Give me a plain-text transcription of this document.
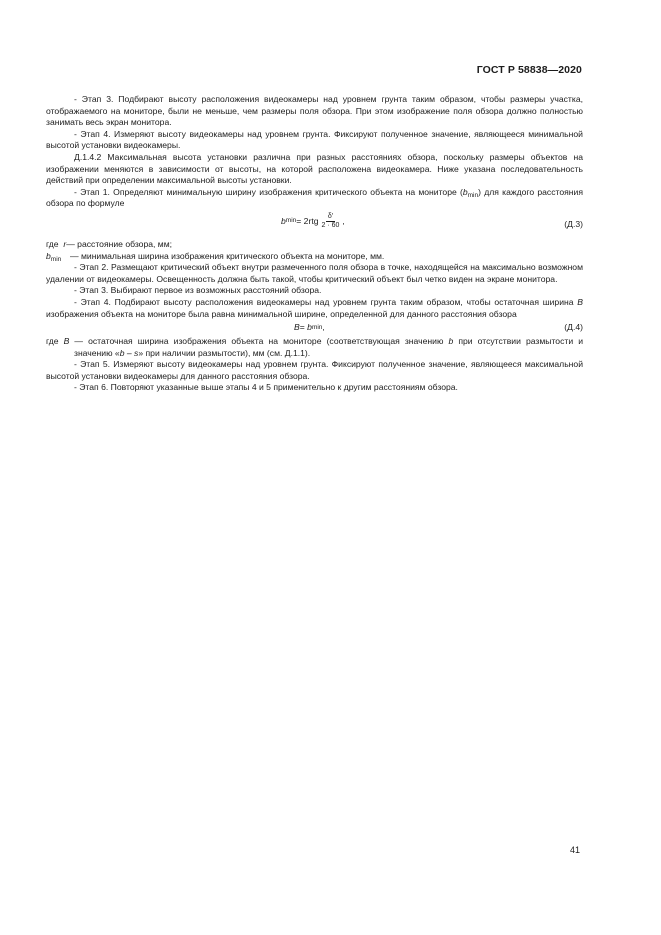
ГОСТ Р 58838—2020

- Этап 3. Подбирают высоту расположения видеокамеры над уровнем грунта таким образом, чтобы размеры участка, отображаемого на мониторе, были не меньше, чем размеры поля обзора. При этом изображение поля обзора должно полностью занимать весь экран монитора.

- Этап 4. Измеряют высоту видеокамеры над уровнем грунта. Фиксируют полученное значение, являющееся минимальной высотой установки видеокамеры.

Д.1.4.2 Максимальная высота установки различна при разных расстояниях обзора, поскольку размеры объектов на изображении меняются в зависимости от высоты, на которой расположена видеокамера. Ниже указана последовательность действий при определении максимальной высоты установки.

- Этап 1. Определяют минимальную ширину изображения критического объекта на мониторе $(b_{min})$ для каждого расстояния обзора по формуле

b $\min = 2rtg \frac{\delta'}{2 \cdot 60}$ ,	(Д.3)
где
r — расстояние обзора, мм;
$b_{min}$	— минимальная ширина изображения критического объекта на мониторе, мм.

- Этап 2. Размещают критический объект внутри размеченного поля обзора в точке, находящейся на максимально возможном удалении от видеокамеры. Освещенность должна быть такой, чтобы критический объект был четко виден на экране монитора.

- Этап 3. Выбирают первое из возможных расстояний обзора.

- Этап 4. Подбирают высоту расположения видеокамеры над уровнем грунта таким образом, чтобы остаточная ширина B изображения объекта на мониторе была равна минимальной ширине, определенной для данного расстояния обзора

B =
b min ,	(Д.4)

где B — остаточная ширина изображения объекта на мониторе (соответствующая значению b при отсутствии размытости и значению «b – s» при наличии размытости), мм (см. Д.1.1).

- Этап 5. Измеряют высоту видеокамеры над уровнем грунта. Фиксируют полученное значение, являющееся максимальной высотой установки видеокамеры для данного расстояния обзора.

- Этап 6. Повторяют указанные выше этапы 4 и 5 применительно к другим расстояниям обзора.

41
